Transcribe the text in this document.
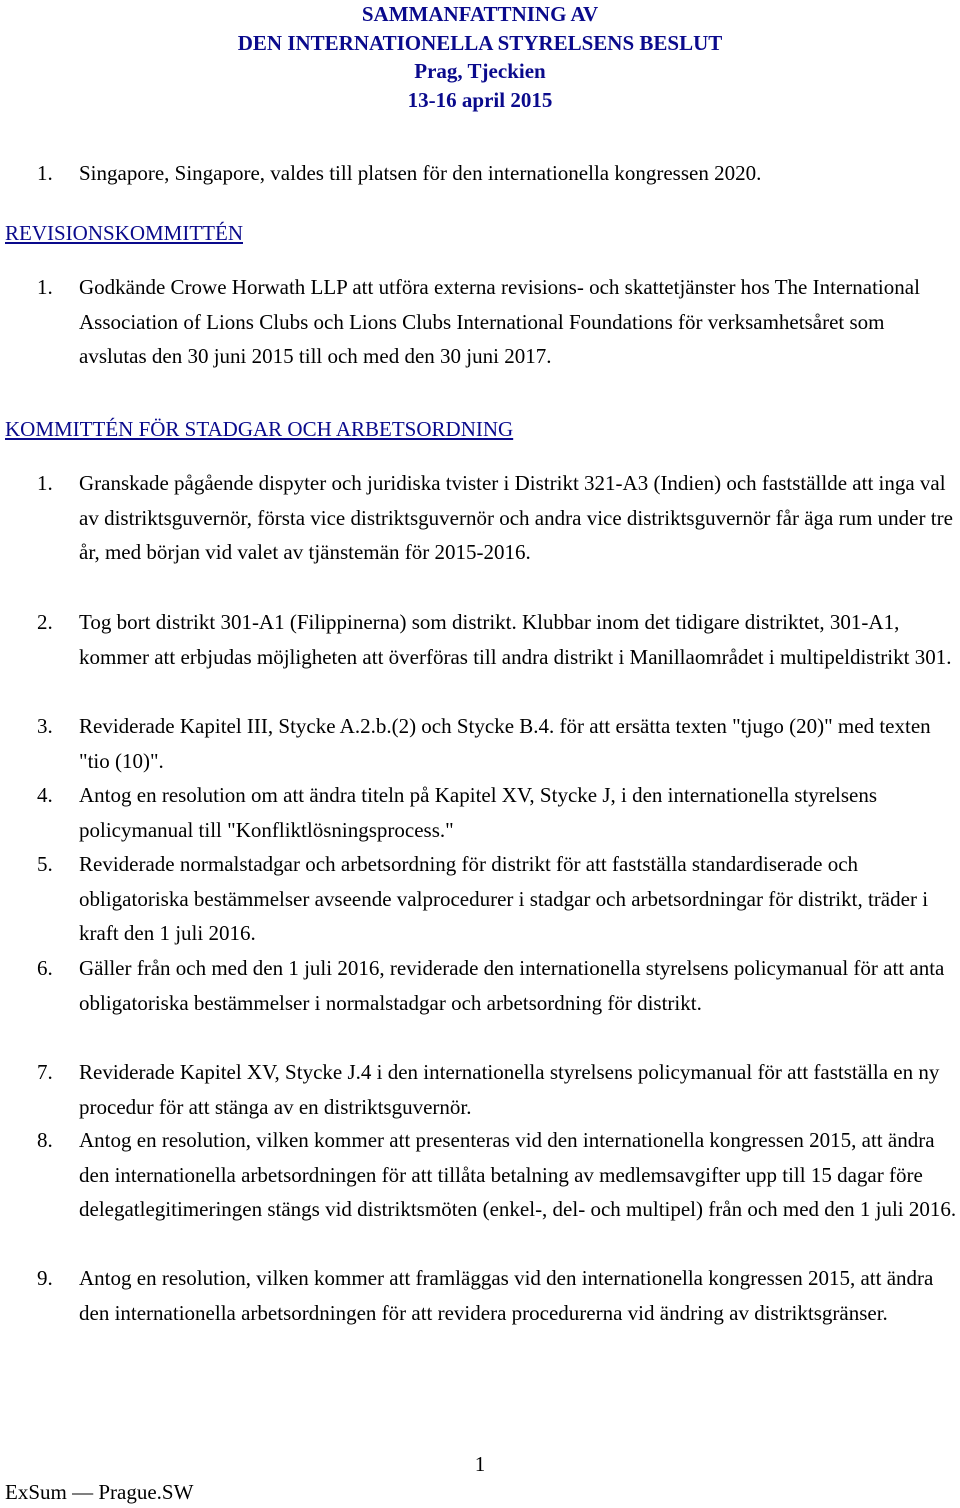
SAMMANFATTNING AV
DEN INTERNATIONELLA STYRELSENS BESLUT
Prag, Tjeckien
13-16 april 2015
1. Singapore, Singapore, valdes till platsen för den internationella kongressen 2020.
REVISIONSKOMMITTÉN
1. Godkände Crowe Horwath LLP att utföra externa revisions- och skattetjänster hos The International Association of Lions Clubs och Lions Clubs International Foundations för verksamhetsåret som avslutas den 30 juni 2015 till och med den 30 juni 2017.
KOMMITTÉN FÖR STADGAR OCH ARBETSORDNING
1. Granskade pågående dispyter och juridiska tvister i Distrikt 321-A3 (Indien) och fastställde att inga val av distriktsguvernör, första vice distriktsguvernör och andra vice distriktsguvernör får äga rum under tre år, med början vid valet av tjänstemän för 2015-2016.
2. Tog bort distrikt 301-A1 (Filippinerna) som distrikt. Klubbar inom det tidigare distriktet, 301-A1, kommer att erbjudas möjligheten att överföras till andra distrikt i Manillaområdet i multipeldistrikt 301.
3. Reviderade Kapitel III, Stycke A.2.b.(2) och Stycke B.4. för att ersätta texten "tjugo (20)" med texten "tio (10)".
4. Antog en resolution om att ändra titeln på Kapitel XV, Stycke J, i den internationella styrelsens policymanual till "Konfliktlösningsprocess."
5. Reviderade normalstadgar och arbetsordning för distrikt för att fastställa standardiserade och obligatoriska bestämmelser avseende valprocedurer i stadgar och arbetsordningar för distrikt, träder i kraft den 1 juli 2016.
6. Gäller från och med den 1 juli 2016, reviderade den internationella styrelsens policymanual för att anta obligatoriska bestämmelser i normalstadgar och arbetsordning för distrikt.
7. Reviderade Kapitel XV, Stycke J.4 i den internationella styrelsens policymanual för att fastställa en ny procedur för att stänga av en distriktsguvernör.
8. Antog en resolution, vilken kommer att presenteras vid den internationella kongressen 2015, att ändra den internationella arbetsordningen för att tillåta betalning av medlemsavgifter upp till 15 dagar före delegatlegitimeringen stängs vid distriktsmöten (enkel-, del- och multipel) från och med den 1 juli 2016.
9. Antog en resolution, vilken kommer att framläggas vid den internationella kongressen 2015, att ändra den internationella arbetsordningen för att revidera procedurerna vid ändring av distriktsgränser.
1
ExSum — Prague.SW
